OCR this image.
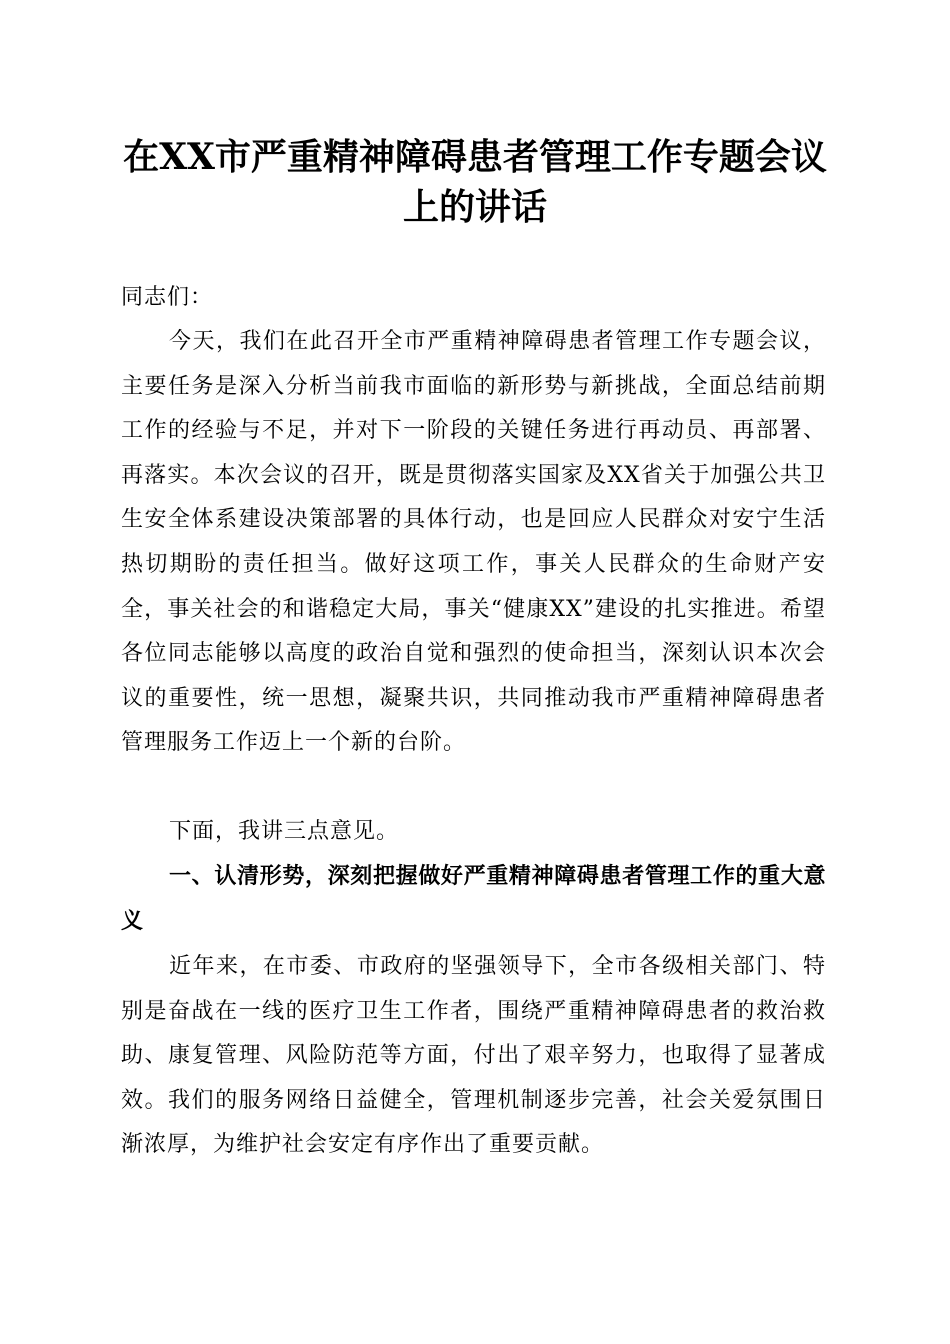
在XX市严重精神障碍患者管理工作专题会议
上的讲话

同志们：

今天，我们在此召开全市严重精神障碍患者管理工作专题会议，主要任务是深入分析当前我市面临的新形势与新挑战，全面总结前期工作的经验与不足，并对下一阶段的关键任务进行再动员、再部署、再落实。本次会议的召开，既是贯彻落实国家及XX省关于加强公共卫生安全体系建设决策部署的具体行动，也是回应人民群众对安宁生活热切期盼的责任担当。做好这项工作，事关人民群众的生命财产安全，事关社会的和谐稳定大局，事关“健康XX”建设的扎实推进。希望各位同志能够以高度的政治自觉和强烈的使命担当，深刻认识本次会议的重要性，统一思想，凝聚共识，共同推动我市严重精神障碍患者管理服务工作迈上一个新的台阶。

下面，我讲三点意见。

一、认清形势，深刻把握做好严重精神障碍患者管理工作的重大意义

近年来，在市委、市政府的坚强领导下，全市各级相关部门、特别是奋战在一线的医疗卫生工作者，围绕严重精神障碍患者的救治救助、康复管理、风险防范等方面，付出了艰辛努力，也取得了显著成效。我们的服务网络日益健全，管理机制逐步完善，社会关爱氛围日渐浓厚，为维护社会安定有序作出了重要贡献。
